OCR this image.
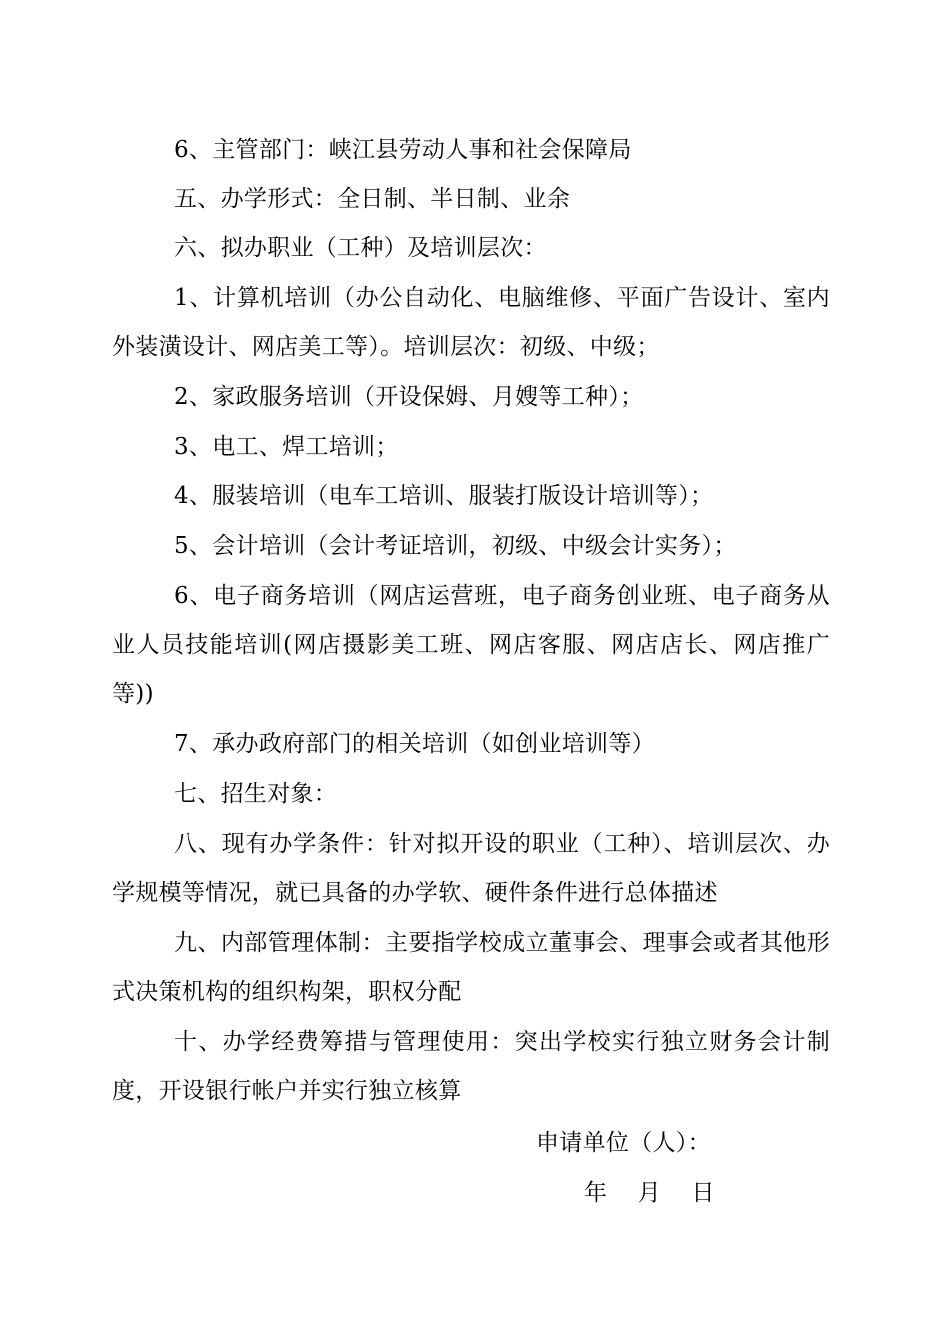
6、主管部门：峡江县劳动人事和社会保障局
五、办学形式：全日制、半日制、业余
六、拟办职业（工种）及培训层次：
1、计算机培训（办公自动化、电脑维修、平面广告设计、室内外装潢设计、网店美工等）。培训层次：初级、中级；
2、家政服务培训（开设保姆、月嫂等工种）；
3、电工、焊工培训；
4、服装培训（电车工培训、服装打版设计培训等）；
5、会计培训（会计考证培训，初级、中级会计实务）；
6、电子商务培训（网店运营班，电子商务创业班、电子商务从业人员技能培训(网店摄影美工班、网店客服、网店店长、网店推广等))
7、承办政府部门的相关培训（如创业培训等）
七、招生对象：
八、现有办学条件：针对拟开设的职业（工种）、培训层次、办学规模等情况，就已具备的办学软、硬件条件进行总体描述
九、内部管理体制：主要指学校成立董事会、理事会或者其他形式决策机构的组织构架，职权分配
十、办学经费筹措与管理使用：突出学校实行独立财务会计制度，开设银行帐户并实行独立核算
申请单位（人）：
年    月    日
